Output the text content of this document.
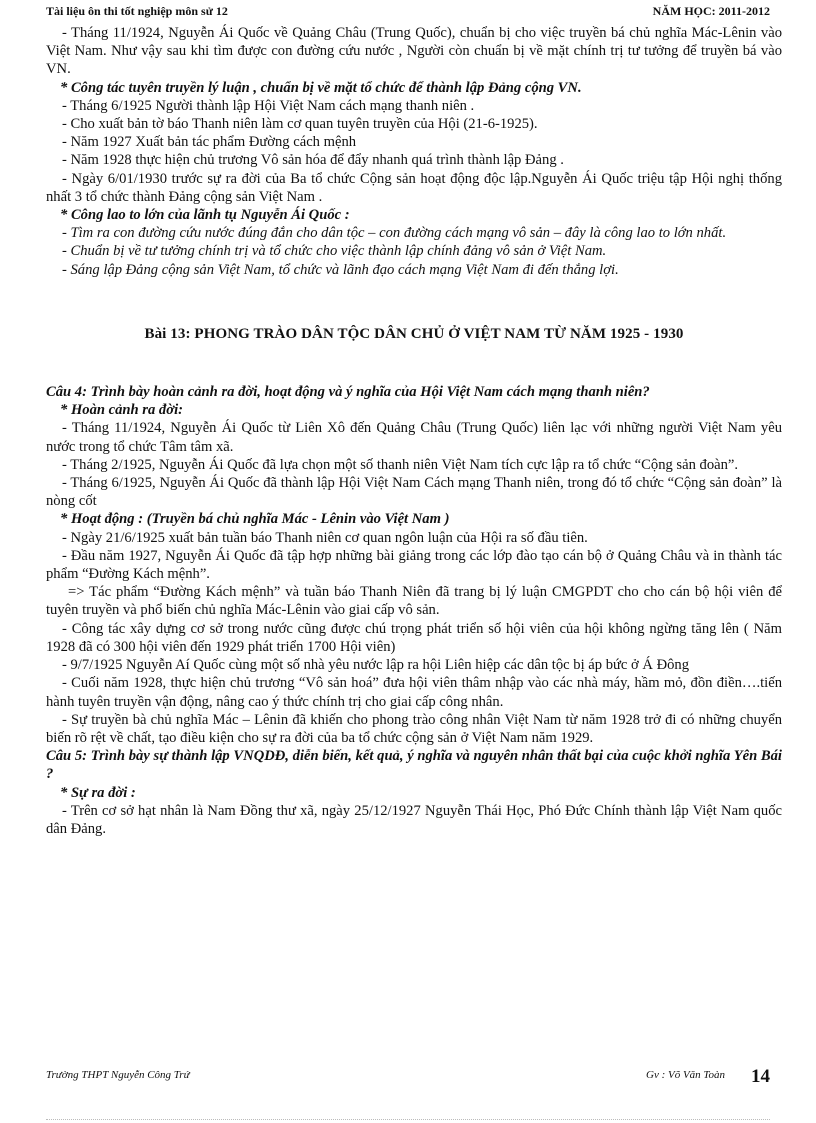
Tài liệu ôn thi tốt nghiệp môn sử 12	NĂM HỌC: 2011-2012

- Tháng 11/1924, Nguyễn Ái Quốc về Quảng Châu (Trung Quốc), chuẩn bị cho việc truyền bá chủ nghĩa Mác-Lênin vào Việt Nam. Như vậy sau khi tìm được con đường cứu nước , Người còn chuẩn bị về mặt chính trị tư tưởng để truyền bá vào VN.

* Công tác tuyên truyền lý luận , chuẩn bị về mặt tổ chức để thành lập Đảng cộng VN.

- Tháng 6/1925 Người thành lập Hội Việt Nam cách mạng thanh niên .

- Cho xuất bản tờ báo Thanh niên làm cơ quan tuyên truyền của Hội (21-6-1925).

- Năm 1927 Xuất bản tác phẩm Đường cách mệnh

- Năm 1928 thực hiện chủ trương Vô sản hóa để đẩy nhanh quá trình thành lập Đảng .

- Ngày 6/01/1930 trước sự ra đời của Ba tổ chức Cộng sản hoạt động độc lập.Nguyễn Ái Quốc triệu tập Hội nghị thống nhất 3 tổ chức thành Đảng cộng sản Việt Nam .

* Công lao to lớn của lãnh tụ Nguyễn Ái Quốc :

- Tìm ra con đường cứu nước đúng đắn cho dân tộc – con đường cách mạng vô sản – đây là công lao to lớn nhất.

- Chuẩn bị về tư tưởng chính trị và tổ chức cho việc thành lập chính đảng vô sản ở Việt Nam.

- Sáng lập Đảng cộng sản Việt Nam, tổ chức và lãnh đạo cách mạng Việt Nam đi đến thắng lợi.

Bài 13: PHONG TRÀO DÂN TỘC DÂN CHỦ Ở VIỆT NAM TỪ NĂM 1925 - 1930

Câu 4: Trình bày hoàn cảnh ra đời, hoạt động và ý nghĩa của Hội Việt Nam cách mạng thanh niên?

* Hoàn cảnh ra đời:

- Tháng 11/1924, Nguyễn Ái Quốc từ Liên Xô đến Quảng Châu (Trung Quốc) liên lạc với những người Việt Nam yêu nước trong tổ chức Tâm tâm xã.

- Tháng 2/1925, Nguyễn Ái Quốc đã lựa chọn một số thanh niên Việt Nam tích cực lập ra tổ chức “Cộng sản đoàn”.

- Tháng 6/1925, Nguyễn Ái Quốc đã thành lập Hội Việt Nam Cách mạng Thanh niên, trong đó tổ chức “Cộng sản đoàn” là nòng cốt

* Hoạt động : (Truyền bá chủ nghĩa Mác - Lênin vào Việt Nam )

- Ngày 21/6/1925 xuất bản tuần báo Thanh niên cơ quan ngôn luận của Hội ra số đầu tiên.

- Đầu năm 1927, Nguyễn Ái Quốc đã tập hợp những bài giảng trong các lớp đào tạo cán bộ ở Quảng Châu và in thành tác phẩm “Đường Kách mệnh”.

=> Tác phẩm “Đường Kách mệnh” và tuần báo Thanh Niên đã trang bị lý luận CMGPDT cho cho cán bộ hội viên để tuyên truyền và phổ biến chủ nghĩa Mác-Lênin vào giai cấp vô sản.

- Công tác xây dựng cơ sở trong nước cũng được chú trọng phát triển số hội viên của hội không ngừng tăng lên ( Năm 1928 đã có 300 hội viên đến 1929 phát triển 1700 Hội viên)

- 9/7/1925 Nguyễn Aí Quốc cùng một số nhà yêu nước lập ra hội Liên hiệp các dân tộc bị áp bức ở Á Đông

- Cuối năm 1928, thực hiện chủ trương “Vô sản hoá” đưa hội viên thâm nhập vào các nhà máy, hầm mỏ, đồn điền….tiến hành tuyên truyền vận động, nâng cao ý thức chính trị cho giai cấp công nhân.

- Sự truyền bà chủ nghĩa Mác – Lênin đã khiến cho phong trào công nhân Việt Nam từ năm 1928 trở đi có những chuyển biến rõ rệt về chất, tạo điều kiện cho sự ra đời của ba tổ chức cộng sản ở Việt Nam năm 1929.

Câu 5: Trình bày sự thành lập VNQDĐ, diễn biến, kết quả, ý nghĩa và nguyên nhân thất bại của cuộc khởi nghĩa Yên Bái ?

* Sự ra đời :

- Trên cơ sở hạt nhân là Nam Đồng thư xã, ngày 25/12/1927 Nguyễn Thái Học, Phó Đức Chính thành lập Việt Nam quốc dân Đảng.

Trường THPT Nguyễn Công Trứ	Gv : Võ Văn Toàn 14
